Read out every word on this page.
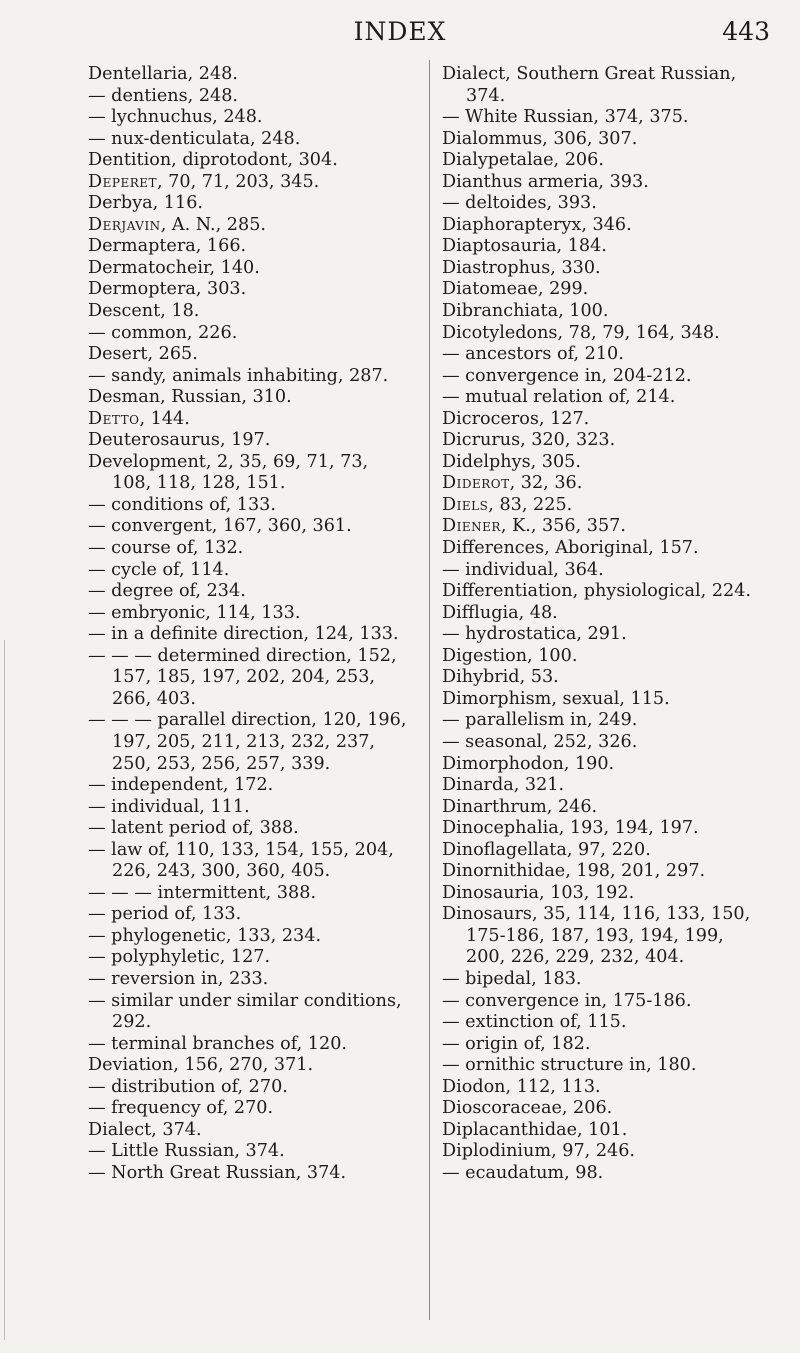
INDEX	443
Dentellaria, 248.
— dentiens, 248.
— lychnuchus, 248.
— nux-denticulata, 248.
Dentition, diprotodont, 304.
Deperet, 70, 71, 203, 345.
Derbya, 116.
Derjavin, A. N., 285.
Dermaptera, 166.
Dermatocheir, 140.
Dermoptera, 303.
Descent, 18.
— common, 226.
Desert, 265.
— sandy, animals inhabiting, 287.
Desman, Russian, 310.
Detto, 144.
Deuterosaurus, 197.
Development, 2, 35, 69, 71, 73,
108, 118, 128, 151.
— conditions of, 133.
— convergent, 167, 360, 361.
— course of, 132.
— cycle of, 114.
— degree of, 234.
— embryonic, 114, 133.
— in a definite direction, 124, 133.
— — — determined direction, 152,
157, 185, 197, 202, 204, 253,
266, 403.
— — — parallel direction, 120, 196,
197, 205, 211, 213, 232, 237,
250, 253, 256, 257, 339.
— independent, 172.
— individual, 111.
— latent period of, 388.
— law of, 110, 133, 154, 155, 204,
226, 243, 300, 360, 405.
— — — intermittent, 388.
— period of, 133.
— phylogenetic, 133, 234.
— polyphyletic, 127.
— reversion in, 233.
— similar under similar conditions,
292.
— terminal branches of, 120.
Deviation, 156, 270, 371.
— distribution of, 270.
— frequency of, 270.
Dialect, 374.
— Little Russian, 374.
— North Great Russian, 374.
Dialect, Southern Great Russian,
374.
— White Russian, 374, 375.
Dialommus, 306, 307.
Dialypetalae, 206.
Dianthus armeria, 393.
— deltoides, 393.
Diaphorapteryx, 346.
Diaptosauria, 184.
Diastrophus, 330.
Diatomeae, 299.
Dibranchiata, 100.
Dicotyledons, 78, 79, 164, 348.
— ancestors of, 210.
— convergence in, 204-212.
— mutual relation of, 214.
Dicroceros, 127.
Dicrurus, 320, 323.
Didelphys, 305.
Diderot, 32, 36.
Diels, 83, 225.
Diener, K., 356, 357.
Differences, Aboriginal, 157.
— individual, 364.
Differentiation, physiological, 224.
Difflugia, 48.
— hydrostatica, 291.
Digestion, 100.
Dihybrid, 53.
Dimorphism, sexual, 115.
— parallelism in, 249.
— seasonal, 252, 326.
Dimorphodon, 190.
Dinarda, 321.
Dinarthrum, 246.
Dinocephalia, 193, 194, 197.
Dinoflagellata, 97, 220.
Dinornithidae, 198, 201, 297.
Dinosauria, 103, 192.
Dinosaurs, 35, 114, 116, 133, 150,
175-186, 187, 193, 194, 199,
200, 226, 229, 232, 404.
— bipedal, 183.
— convergence in, 175-186.
— extinction of, 115.
— origin of, 182.
— ornithic structure in, 180.
Diodon, 112, 113.
Dioscoraceae, 206.
Diplacanthidae, 101.
Diplodinium, 97, 246.
— ecaudatum, 98.
